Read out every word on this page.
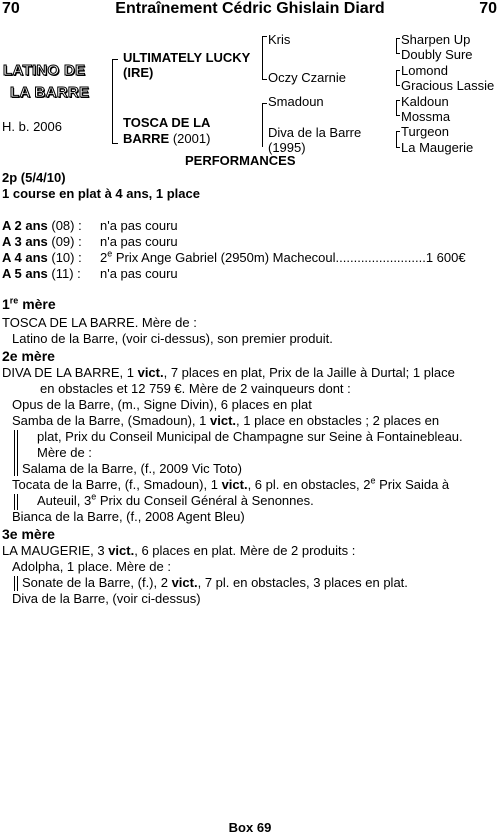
70	Entraînement Cédric Ghislain Diard	70
LATINO DE
LA BARRE
H. b. 2006
ULTIMATELY LUCKY
(IRE)
TOSCA DE LA
BARRE (2001)
Kris
Oczy Czarnie
Smadoun
Diva de la Barre
(1995)
Sharpen Up
Doubly Sure
Lomond
Gracious Lassie
Kaldoun
Mossma
Turgeon
La Maugerie
PERFORMANCES
2p (5/4/10)
1 course en plat à 4 ans, 1 place
A 2 ans (08) : n'a pas couru
A 3 ans (09) : n'a pas couru
A 4 ans (10) : 2e Prix Ange Gabriel (2950m) Machecoul.........................1 600€
A 5 ans (11) : n'a pas couru
1re mère
TOSCA DE LA BARRE. Mère de :
Latino de la Barre, (voir ci-dessus), son premier produit.
2e mère
DIVA DE LA BARRE, 1 vict., 7 places en plat, Prix de la Jaille à Durtal; 1 place
en obstacles et 12 759 €. Mère de 2 vainqueurs dont :
Opus de la Barre, (m., Signe Divin), 6 places en plat
Samba de la Barre, (Smadoun), 1 vict., 1 place en obstacles ; 2 places en
plat, Prix du Conseil Municipal de Champagne sur Seine à Fontainebleau.
Mère de :
Salama de la Barre, (f., 2009 Vic Toto)
Tocata de la Barre, (f., Smadoun), 1 vict., 6 pl. en obstacles, 2e Prix Saida à
Auteuil, 3e Prix du Conseil Général à Senonnes.
Bianca de la Barre, (f., 2008 Agent Bleu)
3e mère
LA MAUGERIE, 3 vict., 6 places en plat. Mère de 2 produits :
Adolpha, 1 place. Mère de :
Sonate de la Barre, (f.), 2 vict., 7 pl. en obstacles, 3 places en plat.
Diva de la Barre, (voir ci-dessus)
Box 69
